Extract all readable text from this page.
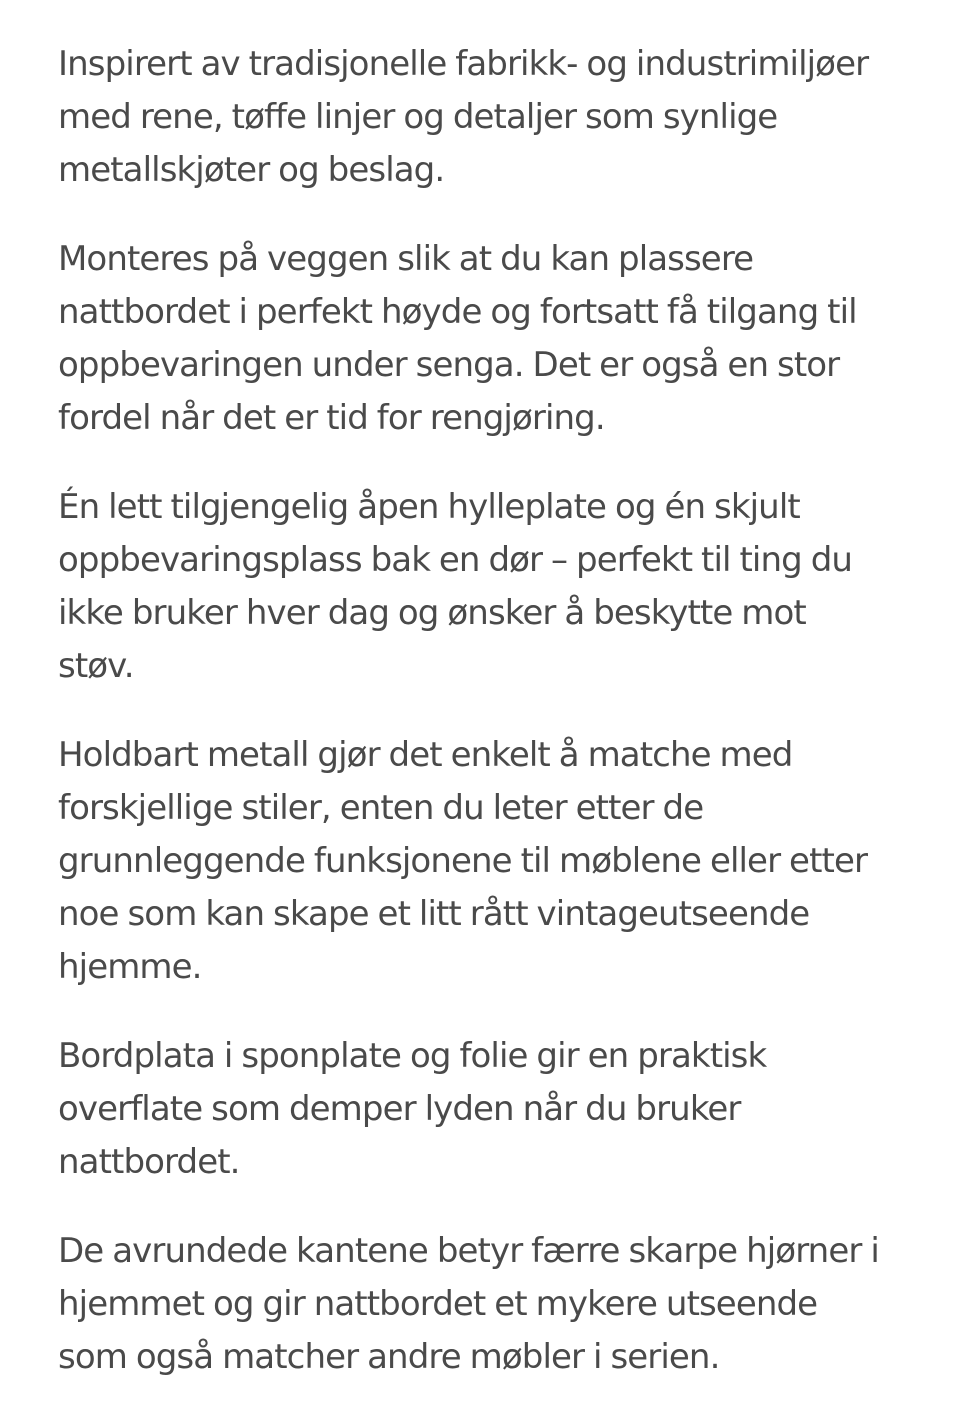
Inspirert av tradisjonelle fabrikk- og industrimiljøer
med rene, tøffe linjer og detaljer som synlige
metallskjøter og beslag.

Monteres på veggen slik at du kan plassere
nattbordet i perfekt høyde og fortsatt få tilgang til
oppbevaringen under senga. Det er også en stor
fordel når det er tid for rengjøring.

Én lett tilgjengelig åpen hylleplate og én skjult
oppbevaringsplass bak en dør – perfekt til ting du
ikke bruker hver dag og ønsker å beskytte mot
støv.

Holdbart metall gjør det enkelt å matche med
forskjellige stiler, enten du leter etter de
grunnleggende funksjonene til møblene eller etter
noe som kan skape et litt rått vintageutseende
hjemme.

Bordplata i sponplate og folie gir en praktisk
overflate som demper lyden når du bruker
nattbordet.

De avrundede kantene betyr færre skarpe hjørner i
hjemmet og gir nattbordet et mykere utseende
som også matcher andre møbler i serien.
